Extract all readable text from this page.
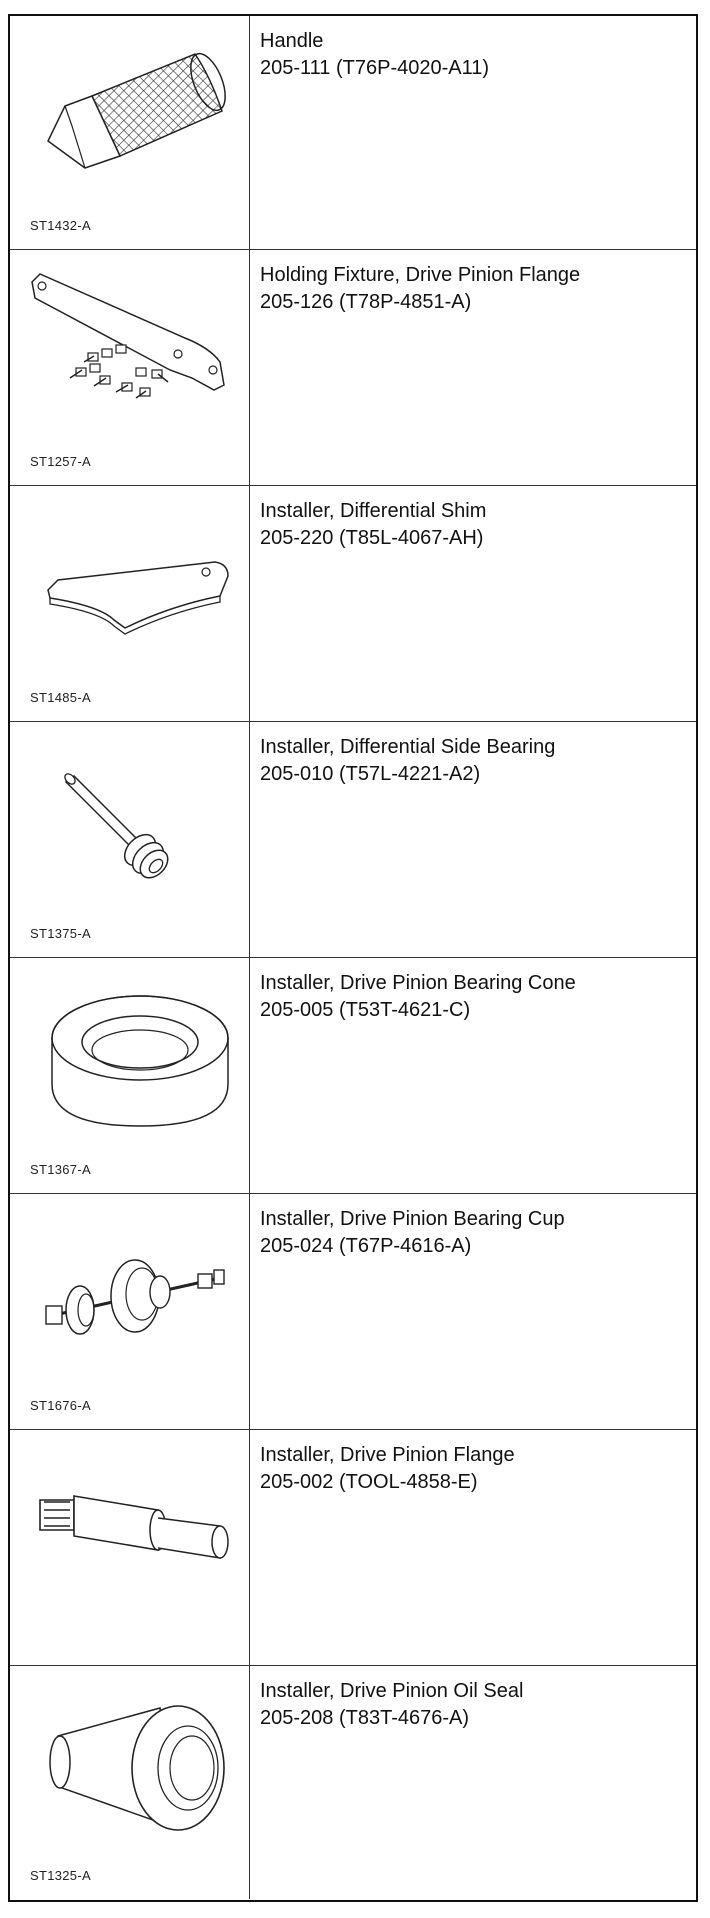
ST1432-A
Handle
205-111 (T76P-4020-A11)
ST1257-A
Holding Fixture, Drive Pinion Flange
205-126 (T78P-4851-A)
ST1485-A
Installer, Differential Shim
205-220 (T85L-4067-AH)
ST1375-A
Installer, Differential Side Bearing
205-010 (T57L-4221-A2)
ST1367-A
Installer, Drive Pinion Bearing Cone
205-005 (T53T-4621-C)
ST1676-A
Installer, Drive Pinion Bearing Cup
205-024 (T67P-4616-A)
Installer, Drive Pinion Flange
205-002 (TOOL-4858-E)
ST1325-A
Installer, Drive Pinion Oil Seal
205-208 (T83T-4676-A)
